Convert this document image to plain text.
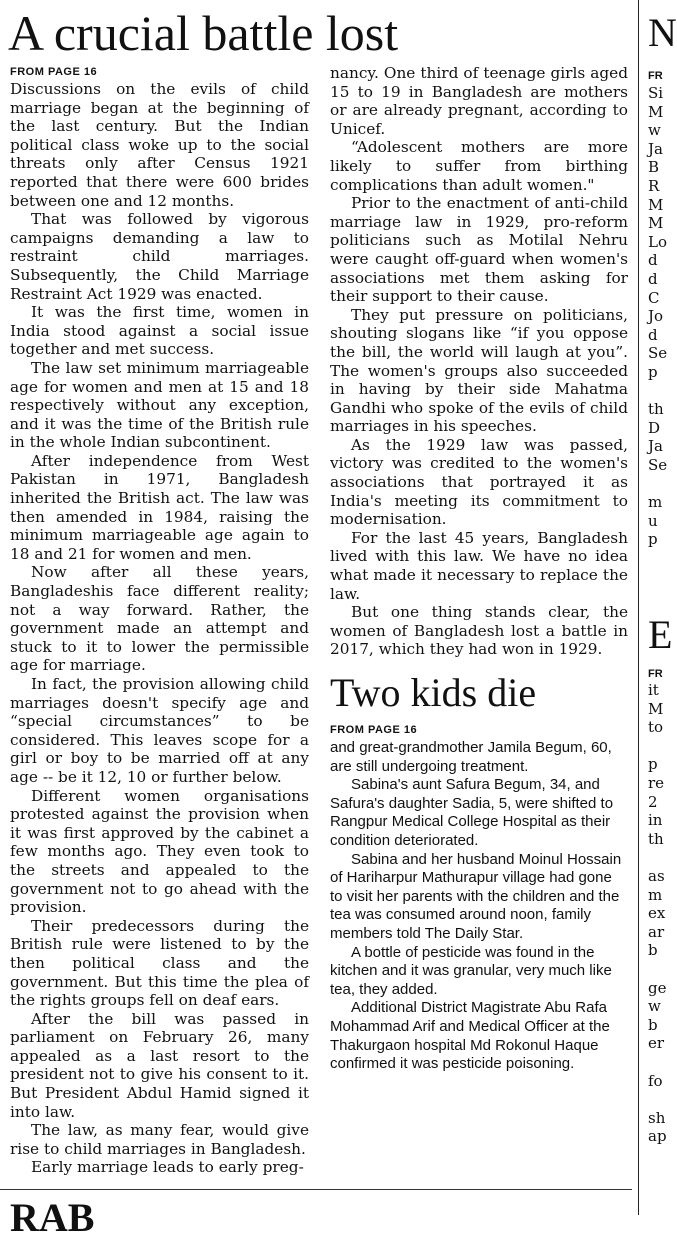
A crucial battle lost
FROM PAGE 16

Discussions on the evils of child marriage began at the beginning of the last century. But the Indian political class woke up to the social threats only after Census 1921 reported that there were 600 brides between one and 12 months.

That was followed by vigorous campaigns demanding a law to restraint child marriages. Subsequently, the Child Marriage Restraint Act 1929 was enacted.

It was the first time, women in India stood against a social issue together and met success.

The law set minimum marriageable age for women and men at 15 and 18 respectively without any exception, and it was the time of the British rule in the whole Indian subcontinent.

After independence from West Pakistan in 1971, Bangladesh inherited the British act. The law was then amended in 1984, raising the minimum marriageable age again to 18 and 21 for women and men.

Now after all these years, Bangladeshis face different reality; not a way forward. Rather, the government made an attempt and stuck to it to lower the permissible age for marriage.

In fact, the provision allowing child marriages doesn't specify age and “special circumstances” to be considered. This leaves scope for a girl or boy to be married off at any age -- be it 12, 10 or further below.

Different women organisations protested against the provision when it was first approved by the cabinet a few months ago. They even took to the streets and appealed to the government not to go ahead with the provision.

Their predecessors during the British rule were listened to by the then political class and the government. But this time the plea of the rights groups fell on deaf ears.

After the bill was passed in parliament on February 26, many appealed as a last resort to the president not to give his consent to it. But President Abdul Hamid signed it into law.

The law, as many fear, would give rise to child marriages in Bangladesh.

Early marriage leads to early preg-

nancy. One third of teenage girls aged 15 to 19 in Bangladesh are mothers or are already pregnant, according to Unicef.

“Adolescent mothers are more likely to suffer from birthing complications than adult women."

Prior to the enactment of anti-child marriage law in 1929, pro-reform politicians such as Motilal Nehru were caught off-guard when women's associations met them asking for their support to their cause.

They put pressure on politicians, shouting slogans like “if you oppose the bill, the world will laugh at you”. The women's groups also succeeded in having by their side Mahatma Gandhi who spoke of the evils of child marriages in his speeches.

As the 1929 law was passed, victory was credited to the women's associations that portrayed it as India's meeting its commitment to modernisation.

For the last 45 years, Bangladesh lived with this law. We have no idea what made it necessary to replace the law.

But one thing stands clear, the women of Bangladesh lost a battle in 2017, which they had won in 1929.

Two kids die
FROM PAGE 16

and great-grandmother Jamila Begum, 60, are still undergoing treatment.

Sabina's aunt Safura Begum, 34, and Safura's daughter Sadia, 5, were shifted to Rangpur Medical College Hospital as their condition deteriorated.

Sabina and her husband Moinul Hossain of Hariharpur Mathurapur village had gone to visit her parents with the children and the tea was consumed around noon, family members told The Daily Star.

A bottle of pesticide was found in the kitchen and it was granular, very much like tea, they added.

Additional District Magistrate Abu Rafa Mohammad Arif and Medical Officer at the Thakurgaon hospital Md Rokonul Haque confirmed it was pesticide poisoning.

RAB
N
FR
Si
M
w
Ja
B
R
M
M
Lo
d
d
C
Jo
d
Se
p
th
D
Ja
Se
m
u
p
E
FR
it
M
to
p
re
2
in
th
as
m
ex
ar
b
ge
w
b
er
fo
sh
ap
